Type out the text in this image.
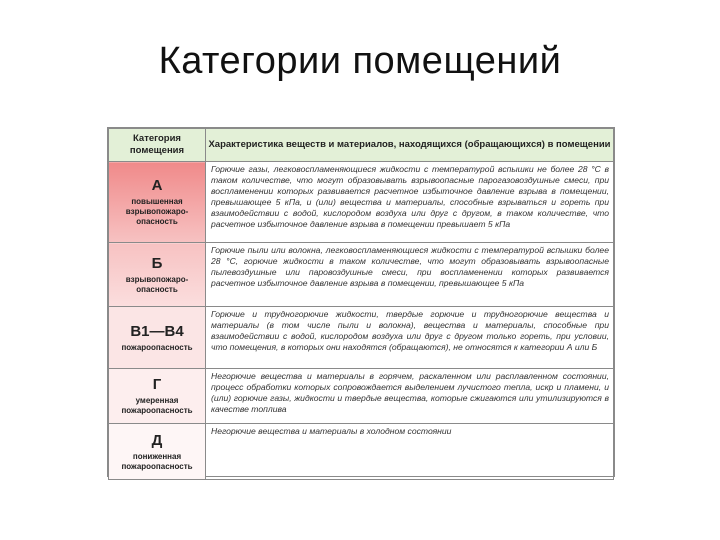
Категории помещений
Категория помещения	Характеристика веществ и материалов, находящихся (обращающихся) в помещении

А
повышенная взрывопожаро-опасность	Горючие газы, легковоспламеняющиеся жидкости с температурой вспышки не более 28 °С в таком количестве, что могут образовывать взрывоопасные парогазовоздушные смеси, при воспламенении которых развивается расчетное избыточное давление взрыва в помещении, превышающее 5 кПа, и (или) вещества и материалы, способные взрываться и гореть при взаимодействии с водой, кислородом воздуха или друг с другом, в таком количестве, что расчетное избыточное давление взрыва в помещении превышает 5 кПа

Б
взрывопожаро-опасность	Горючие пыли или волокна, легковоспламеняющиеся жидкости с температурой вспышки более 28 °С, горючие жидкости в таком количестве, что могут образовывать взрывоопасные пылевоздушные или паровоздушные смеси, при воспламенении которых развивается расчетное избыточное давление взрыва в помещении, превышающее 5 кПа

В1—В4
пожароопасность	Горючие и трудногорючие жидкости, твердые горючие и трудногорючие вещества и материалы (в том числе пыли и волокна), вещества и материалы, способные при взаимодействии с водой, кислородом воздуха или друг с другом только гореть, при условии, что помещения, в которых они находятся (обращаются), не относятся к категории А или Б

Г
умеренная пожароопасность	Негорючие вещества и материалы в горячем, раскаленном или расплавленном состоянии, процесс обработки которых сопровождается выделением лучистого тепла, искр и пламени, и (или) горючие газы, жидкости и твердые вещества, которые сжигаются или утилизируются в качестве топлива

Д
пониженная пожароопасность	Негорючие вещества и материалы в холодном состоянии
